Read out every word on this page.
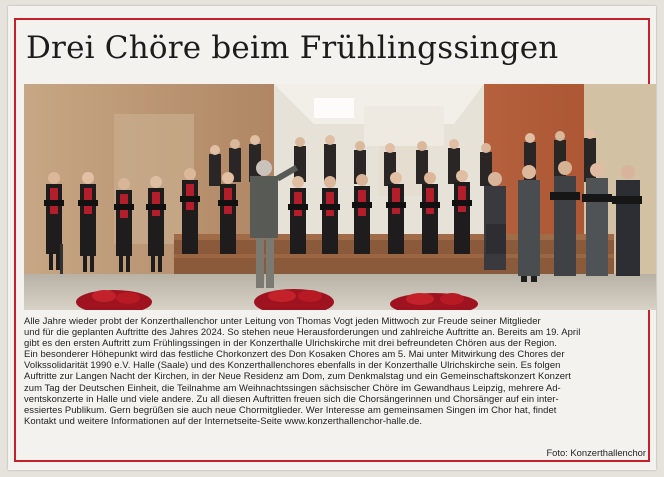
Drei Chöre beim Frühlingssingen
Alle Jahre wieder probt der Konzerthallenchor unter Leitung von Thomas Vogt jeden Mittwoch zur Freude seiner Mitglieder
und für die geplanten Auftritte des Jahres 2024. So stehen neue Herausforderungen und zahlreiche Auftritte an. Bereits am 19. April
gibt es den ersten Auftritt zum Frühlingssingen in der Konzerthalle Ulrichskirche mit drei befreundeten Chören aus der Region.
Ein besonderer Höhepunkt wird das festliche Chorkonzert des Don Kosaken Chores am 5. Mai unter Mitwirkung des Chores der
Volkssolidarität 1990 e.V. Halle (Saale) und des Konzerthallenchores ebenfalls in der Konzerthalle Ulrichskirche sein. Es folgen
Auftritte zur Langen Nacht der Kirchen, in der Neue Residenz am Dom, zum Denkmalstag und ein Gemeinschaftskonzert Konzert
zum Tag der Deutschen Einheit, die Teilnahme am Weihnachtssingen sächsischer Chöre im Gewandhaus Leipzig, mehrere Ad-
ventskonzerte in Halle und viele andere. Zu all diesen Auftritten freuen sich die Chorsängerinnen und Chorsänger auf ein inter-
essiertes Publikum. Gern begrüßen sie auch neue Chormitglieder. Wer Interesse am gemeinsamen Singen im Chor hat, findet
Kontakt und weitere Informationen auf der Internetseite-Seite www.konzerthallenchor-halle.de.
Foto: Konzerthallenchor
